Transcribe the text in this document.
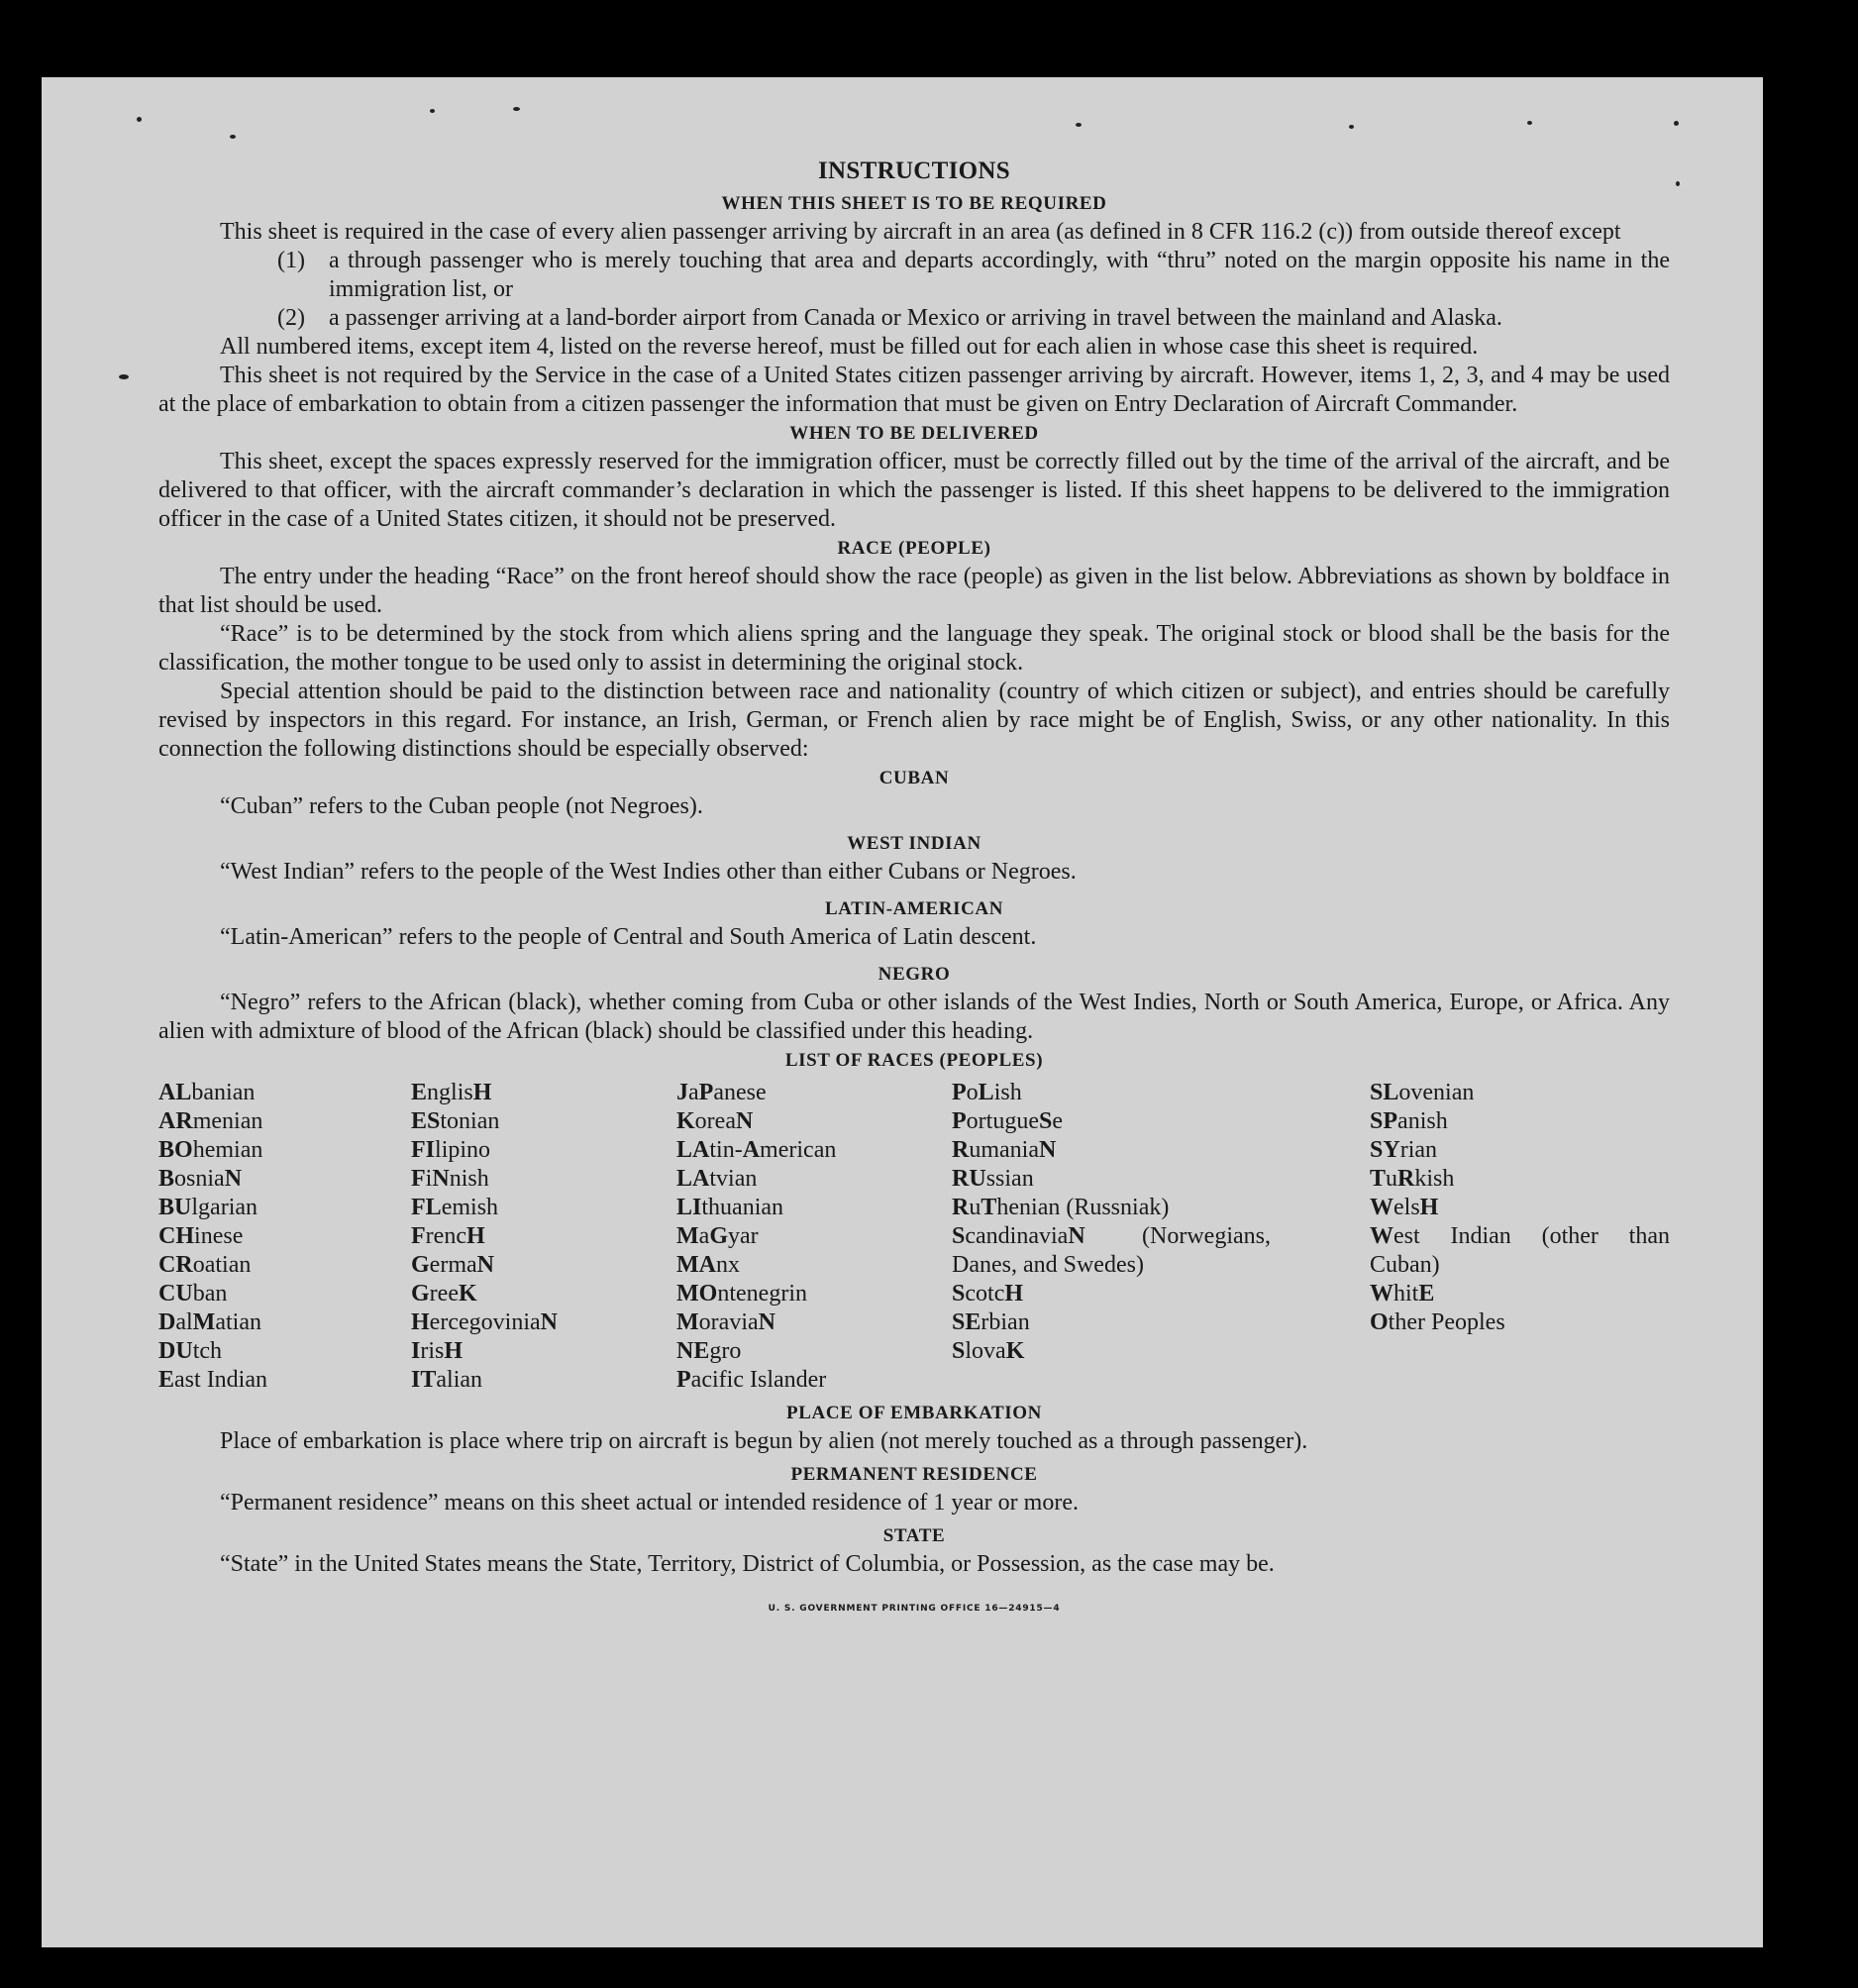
INSTRUCTIONS
WHEN THIS SHEET IS TO BE REQUIRED

This sheet is required in the case of every alien passenger arriving by aircraft in an area (as defined in 8 CFR 116.2 (c)) from outside thereof except

(1)	a through passenger who is merely touching that area and departs accordingly, with “thru” noted on the margin opposite his name in the immigration list, or
(2)	a passenger arriving at a land-border airport from Canada or Mexico or arriving in travel between the mainland and Alaska.

All numbered items, except item 4, listed on the reverse hereof, must be filled out for each alien in whose case this sheet is required.

This sheet is not required by the Service in the case of a United States citizen passenger arriving by aircraft. However, items 1, 2, 3, and 4 may be used at the place of embarkation to obtain from a citizen passenger the information that must be given on Entry Declaration of Aircraft Commander.

WHEN TO BE DELIVERED

This sheet, except the spaces expressly reserved for the immigration officer, must be correctly filled out by the time of the arrival of the aircraft, and be delivered to that officer, with the aircraft commander’s declaration in which the passenger is listed. If this sheet happens to be delivered to the immigration officer in the case of a United States citizen, it should not be preserved.

RACE (PEOPLE)

The entry under the heading “Race” on the front hereof should show the race (people) as given in the list below. Abbreviations as shown by boldface in that list should be used.

“Race” is to be determined by the stock from which aliens spring and the language they speak. The original stock or blood shall be the basis for the classification, the mother tongue to be used only to assist in determining the original stock.

Special attention should be paid to the distinction between race and nationality (country of which citizen or subject), and entries should be carefully revised by inspectors in this regard. For instance, an Irish, German, or French alien by race might be of English, Swiss, or any other nationality. In this connection the following distinctions should be especially observed:

CUBAN

“Cuban” refers to the Cuban people (not Negroes).

WEST INDIAN

“West Indian” refers to the people of the West Indies other than either Cubans or Negroes.

LATIN-AMERICAN

“Latin-American” refers to the people of Central and South America of Latin descent.

NEGRO

“Negro” refers to the African (black), whether coming from Cuba or other islands of the West Indies, North or South America, Europe, or Africa. Any alien with admixture of blood of the African (black) should be classified under this heading.

LIST OF RACES (PEOPLES)
ALbanian
ARmenian
BOhemian
BosniaN
BUlgarian
CHinese
CRoatian
CUban
DalMatian
DUtch
East Indian
EnglisH
EStonian
FIlipino
FiNnish
FLemish
FrencH
GermaN
GreeK
HercegoviniaN
IrisH
ITalian
JaPanese
KoreaN
LAtin-American
LAtvian
LIthuanian
MaGyar
MAnx
MOntenegrin
MoraviaN
NEgro
Pacific Islander
PoLish
PortugueSe
RumaniaN
RUssian
RuThenian (Russniak)
ScandinaviaN (Norwegians, Danes, and Swedes)
ScotcH
SErbian
SlovaK
SLovenian
SPanish
SYrian
TuRkish
WelsH
West Indian (other than Cuban)
WhitE
Other Peoples
PLACE OF EMBARKATION

Place of embarkation is place where trip on aircraft is begun by alien (not merely touched as a through passenger).

PERMANENT RESIDENCE

“Permanent residence” means on this sheet actual or intended residence of 1 year or more.

STATE

“State” in the United States means the State, Territory, District of Columbia, or Possession, as the case may be.

U. S. GOVERNMENT PRINTING OFFICE 16—24915—4
